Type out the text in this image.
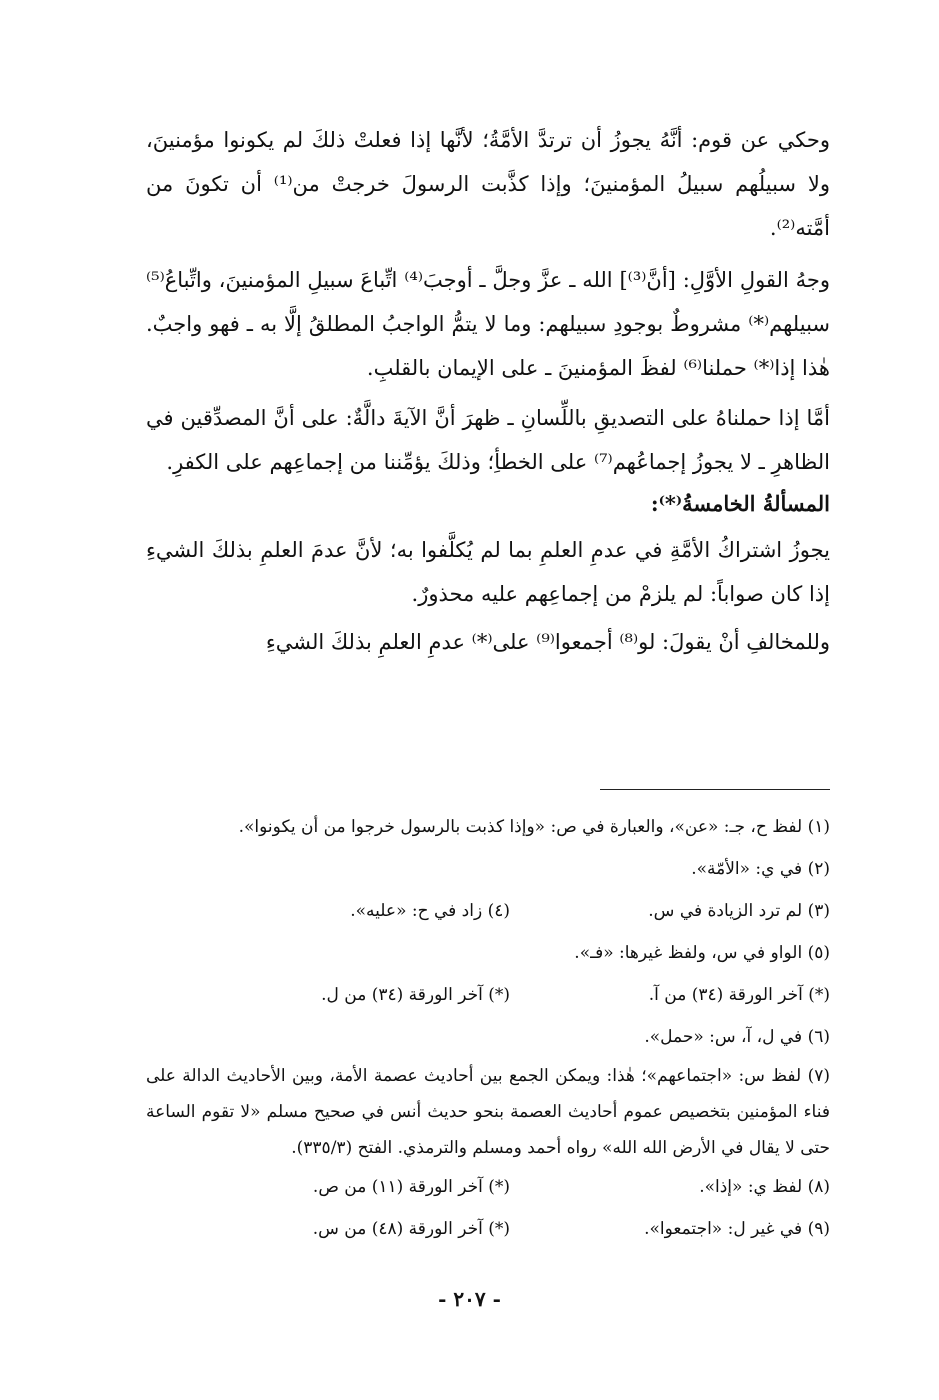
وحكي عن قوم: أنَّهُ يجوزُ أن ترتدَّ الأمَّةُ؛ لأنَّها إذا فعلتْ ذلكَ لم يكونوا مؤمنينَ، ولا سبيلُهم سبيلُ المؤمنينَ؛ وإذا كذَّبت الرسولَ خرجتْ من⁽¹⁾ أن تكونَ من أمَّته⁽²⁾.

وجهُ القولِ الأوَّلِ: [أنَّ⁽³⁾] الله ـ عزَّ وجلَّ ـ أوجبَ⁽⁴⁾ اتِّباعَ سبيلِ المؤمنينَ، واتِّباعُ⁽⁵⁾ سبيلهم⁽*⁾ مشروطٌ بوجودِ سبيلهم: وما لا يتمُّ الواجبُ المطلقُ إلَّا به ـ فهو واجبٌ. هٰذا إذا⁽*⁾ حملنا⁽⁶⁾ لفظَ المؤمنينَ ـ على الإيمان بالقلبِ.

أمَّا إذا حملناهُ على التصديقِ باللِّسانِ ـ ظهرَ أنَّ الآيةَ دالَّةٌ: على أنَّ المصدِّقين في الظاهرِ ـ لا يجوزُ إجماعُهم⁽⁷⁾ على الخطأِ؛ وذلكَ يؤمِّننا من إجماعِهم على الكفرِ.

المسألةُ الخامسةُ⁽*⁾:

يجوزُ اشتراكُ الأمَّةِ في عدمِ العلمِ بما لم يُكلَّفوا به؛ لأنَّ عدمَ العلمِ بذلكَ الشيءِ إذا كان صواباً: لم يلزمْ من إجماعِهم عليه محذورٌ.

وللمخالفِ أنْ يقولَ: لو⁽⁸⁾ أجمعوا⁽⁹⁾ على⁽*⁾ عدمِ العلمِ بذلكَ الشيءِ

(١) لفظ ح، جـ: «عن»، والعبارة في ص: «وإذا كذبت بالرسول خرجوا من أن يكونوا».

(٢) في ي: «الأمّة».

(٣) لم ترد الزيادة في س.
(٤) زاد في ح: «عليه».

(٥) الواو في س، ولفظ غيرها: «فـ».

(*) آخر الورقة (٣٤) من آ.
(*) آخر الورقة (٣٤) من ل.

(٦) في ل، آ، س: «حمل».

(٧) لفظ س: «اجتماعهم»؛ هٰذا: ويمكن الجمع بين أحاديث عصمة الأمة، وبين الأحاديث الدالة على فناء المؤمنين بتخصيص عموم أحاديث العصمة بنحو حديث أنس في صحيح مسلم «لا تقوم الساعة حتى لا يقال في الأرض الله الله» رواه أحمد ومسلم والترمذي. الفتح (٣٣٥/٣).

(٨) لفظ ي: «إذا».
(*) آخر الورقة (١١) من ص.
(٩) في غير ل: «اجتمعوا».
(*) آخر الورقة (٤٨) من س.
- ٢٠٧ -
